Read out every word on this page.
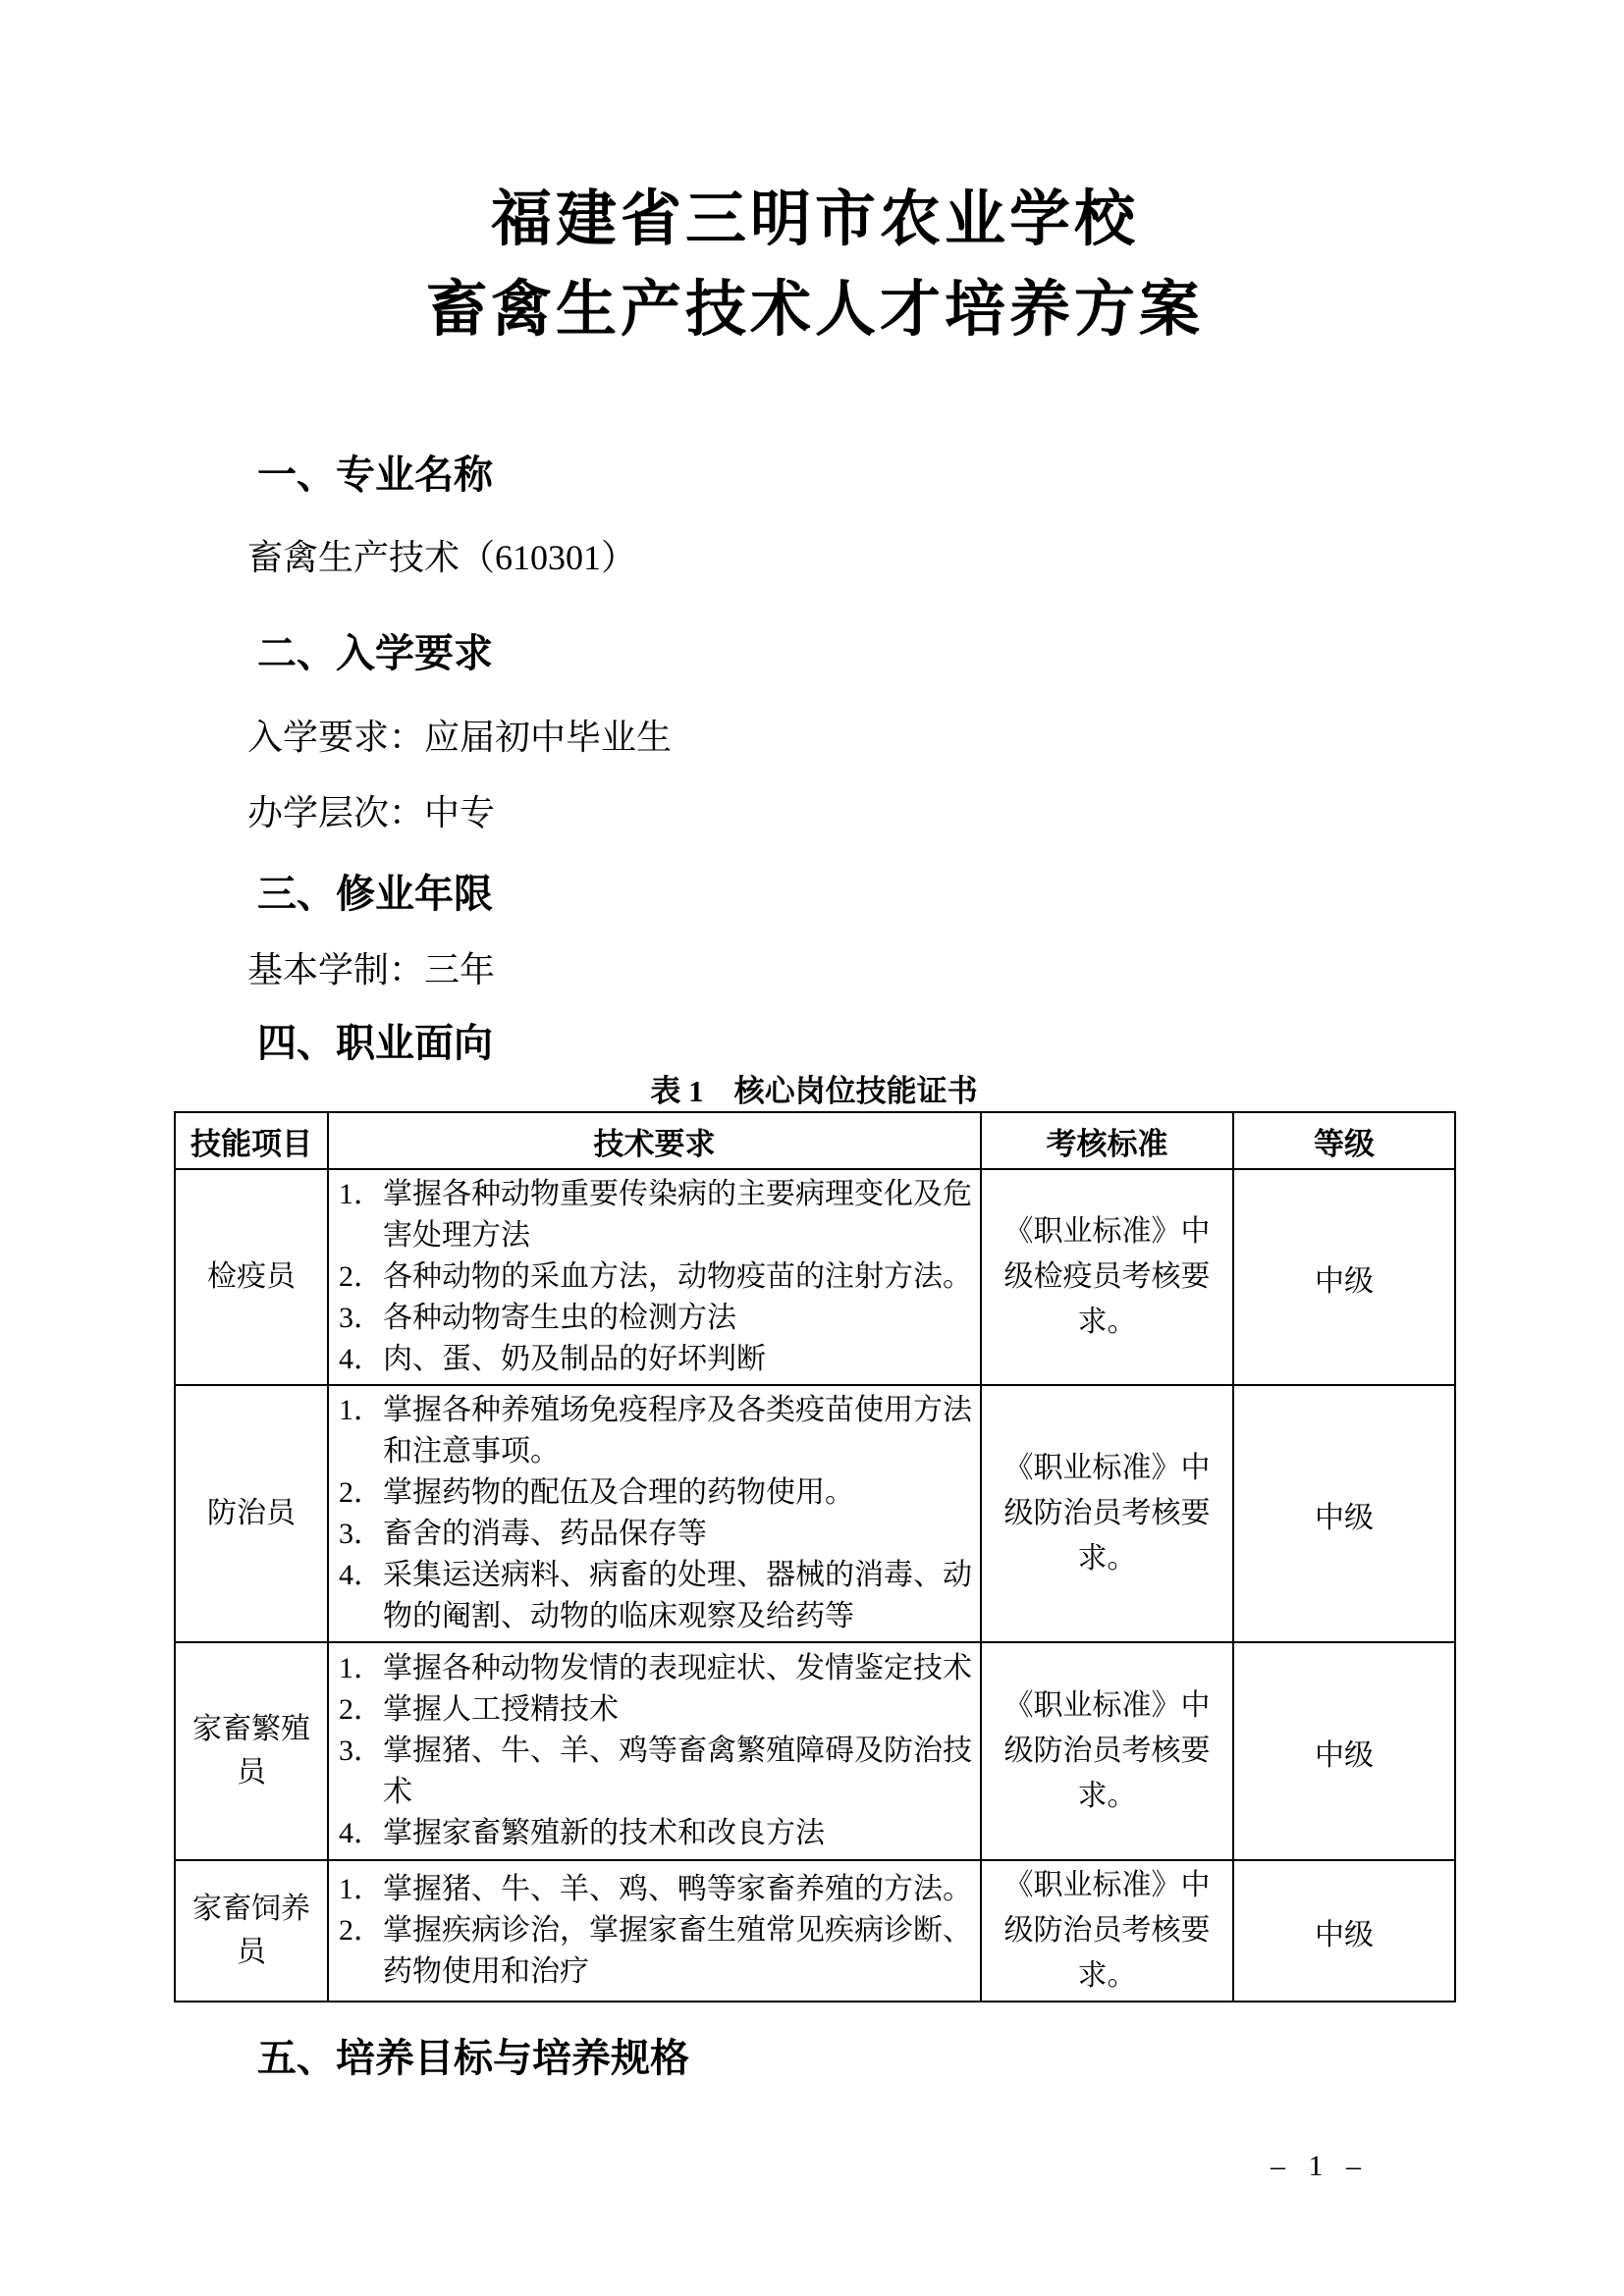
福建省三明市农业学校
畜禽生产技术人才培养方案
一、专业名称
畜禽生产技术（610301）
二、入学要求
入学要求：应届初中毕业生
办学层次：中专
三、修业年限
基本学制：三年
四、职业面向
表 1　核心岗位技能证书
技能项目	技术要求	考核标准	等级
检疫员	1．掌握各种动物重要传染病的主要病理变化及危害处理方法
2．各种动物的采血方法，动物疫苗的注射方法。
3．各种动物寄生虫的检测方法
4．肉、蛋、奶及制品的好坏判断	《职业标准》中级检疫员考核要求。	中级
防治员	1．掌握各种养殖场免疫程序及各类疫苗使用方法和注意事项。
2．掌握药物的配伍及合理的药物使用。
3．畜舍的消毒、药品保存等
4．采集运送病料、病畜的处理、器械的消毒、动物的阉割、动物的临床观察及给药等	《职业标准》中级防治员考核要求。	中级
家畜繁殖员	1．掌握各种动物发情的表现症状、发情鉴定技术
2．掌握人工授精技术
3．掌握猪、牛、羊、鸡等畜禽繁殖障碍及防治技术
4．掌握家畜繁殖新的技术和改良方法	《职业标准》中级防治员考核要求。	中级
家畜饲养员	1．掌握猪、牛、羊、鸡、鸭等家畜养殖的方法。
2．掌握疾病诊治，掌握家畜生殖常见疾病诊断、药物使用和治疗	《职业标准》中级防治员考核要求。	中级
五、培养目标与培养规格
– 1 –
